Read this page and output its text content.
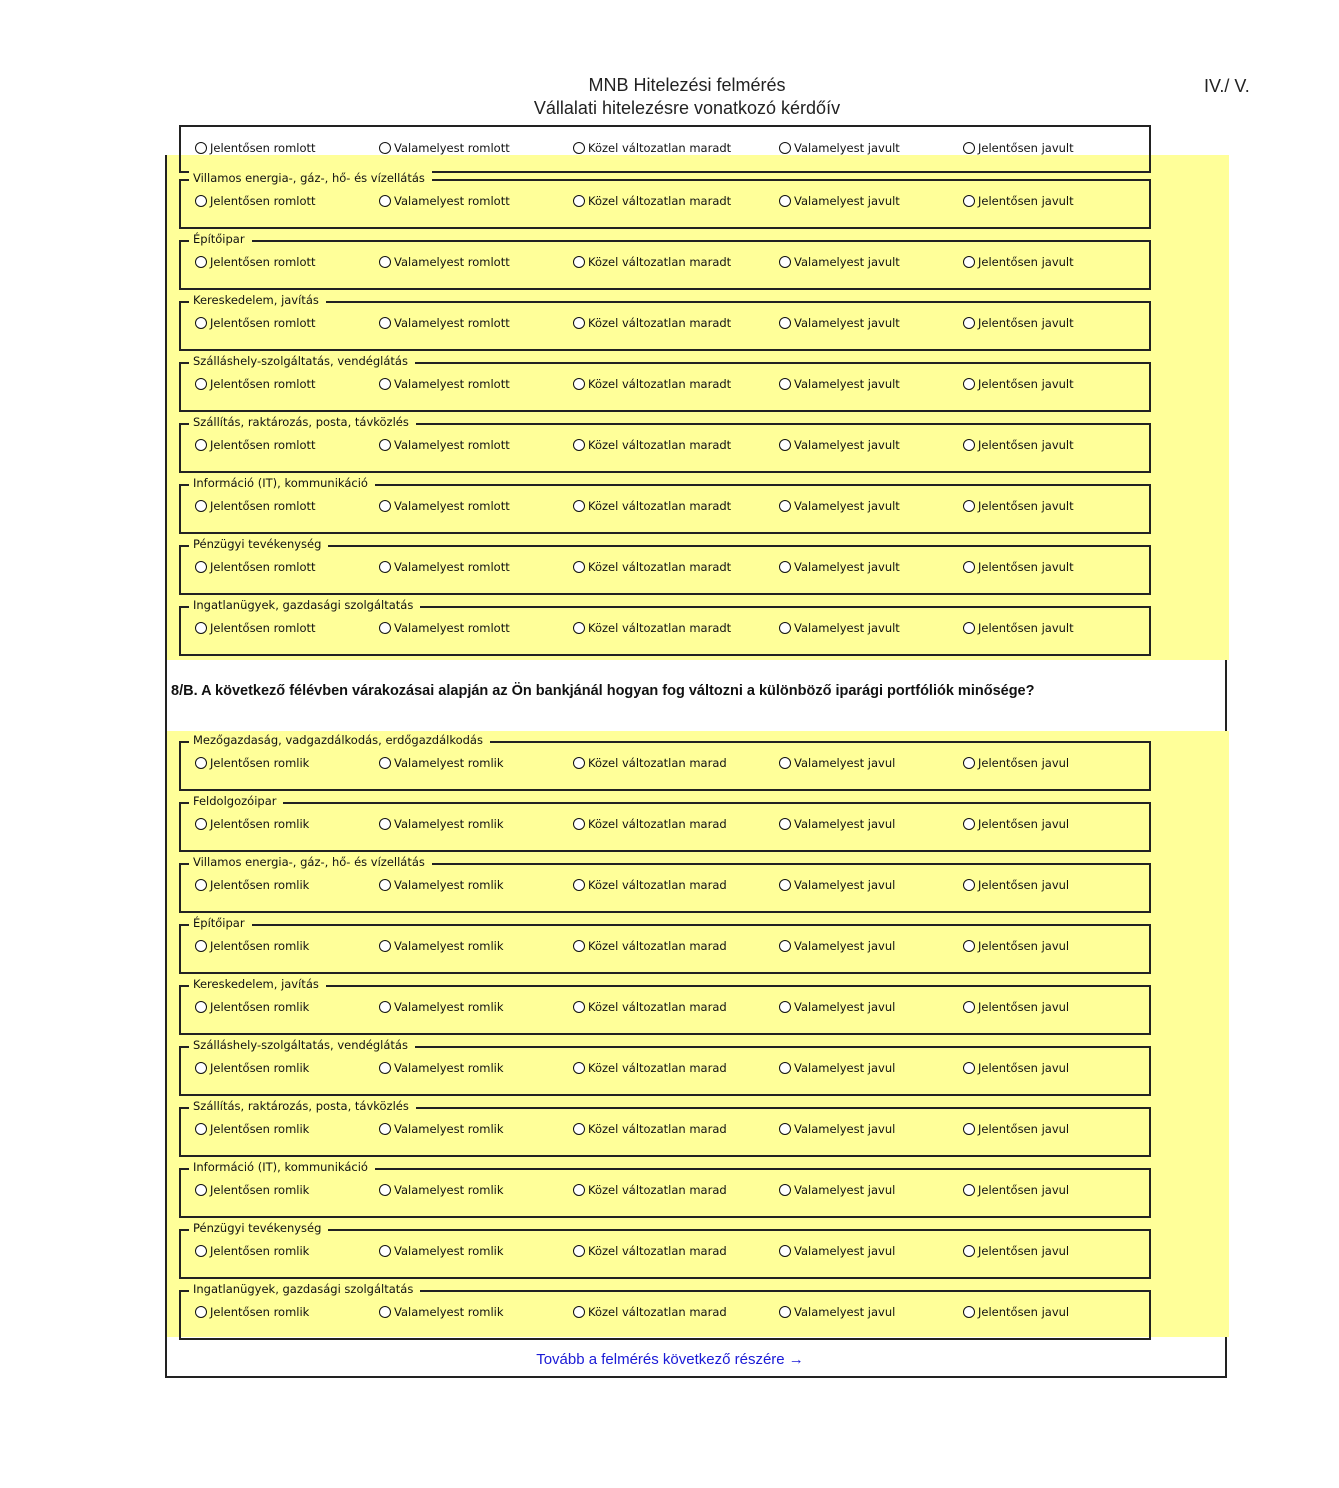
MNB Hitelezési felmérés
Vállalati hitelezésre vonatkozó kérdőív
IV./ V.
Jelentősen romlott	Valamelyest romlott	Közel változatlan maradt	Valamelyest javult	Jelentősen javult
Villamos energia-, gáz-, hő- és vízellátás
Jelentősen romlott	Valamelyest romlott	Közel változatlan maradt	Valamelyest javult	Jelentősen javult
Építőipar
Jelentősen romlott	Valamelyest romlott	Közel változatlan maradt	Valamelyest javult	Jelentősen javult
Kereskedelem, javítás
Jelentősen romlott	Valamelyest romlott	Közel változatlan maradt	Valamelyest javult	Jelentősen javult
Szálláshely-szolgáltatás, vendéglátás
Jelentősen romlott	Valamelyest romlott	Közel változatlan maradt	Valamelyest javult	Jelentősen javult
Szállítás, raktározás, posta, távközlés
Jelentősen romlott	Valamelyest romlott	Közel változatlan maradt	Valamelyest javult	Jelentősen javult
Információ (IT), kommunikáció
Jelentősen romlott	Valamelyest romlott	Közel változatlan maradt	Valamelyest javult	Jelentősen javult
Pénzügyi tevékenység
Jelentősen romlott	Valamelyest romlott	Közel változatlan maradt	Valamelyest javult	Jelentősen javult
Ingatlanügyek, gazdasági szolgáltatás
Jelentősen romlott	Valamelyest romlott	Közel változatlan maradt	Valamelyest javult	Jelentősen javult
8/B. A következő félévben várakozásai alapján az Ön bankjánál hogyan fog változni a különböző iparági portfóliók minősége?
Mezőgazdaság, vadgazdálkodás, erdőgazdálkodás
Jelentősen romlik	Valamelyest romlik	Közel változatlan marad	Valamelyest javul	Jelentősen javul
Feldolgozóipar
Jelentősen romlik	Valamelyest romlik	Közel változatlan marad	Valamelyest javul	Jelentősen javul
Villamos energia-, gáz-, hő- és vízellátás
Jelentősen romlik	Valamelyest romlik	Közel változatlan marad	Valamelyest javul	Jelentősen javul
Építőipar
Jelentősen romlik	Valamelyest romlik	Közel változatlan marad	Valamelyest javul	Jelentősen javul
Kereskedelem, javítás
Jelentősen romlik	Valamelyest romlik	Közel változatlan marad	Valamelyest javul	Jelentősen javul
Szálláshely-szolgáltatás, vendéglátás
Jelentősen romlik	Valamelyest romlik	Közel változatlan marad	Valamelyest javul	Jelentősen javul
Szállítás, raktározás, posta, távközlés
Jelentősen romlik	Valamelyest romlik	Közel változatlan marad	Valamelyest javul	Jelentősen javul
Információ (IT), kommunikáció
Jelentősen romlik	Valamelyest romlik	Közel változatlan marad	Valamelyest javul	Jelentősen javul
Pénzügyi tevékenység
Jelentősen romlik	Valamelyest romlik	Közel változatlan marad	Valamelyest javul	Jelentősen javul
Ingatlanügyek, gazdasági szolgáltatás
Jelentősen romlik	Valamelyest romlik	Közel változatlan marad	Valamelyest javul	Jelentősen javul
Tovább a felmérés következő részére →
